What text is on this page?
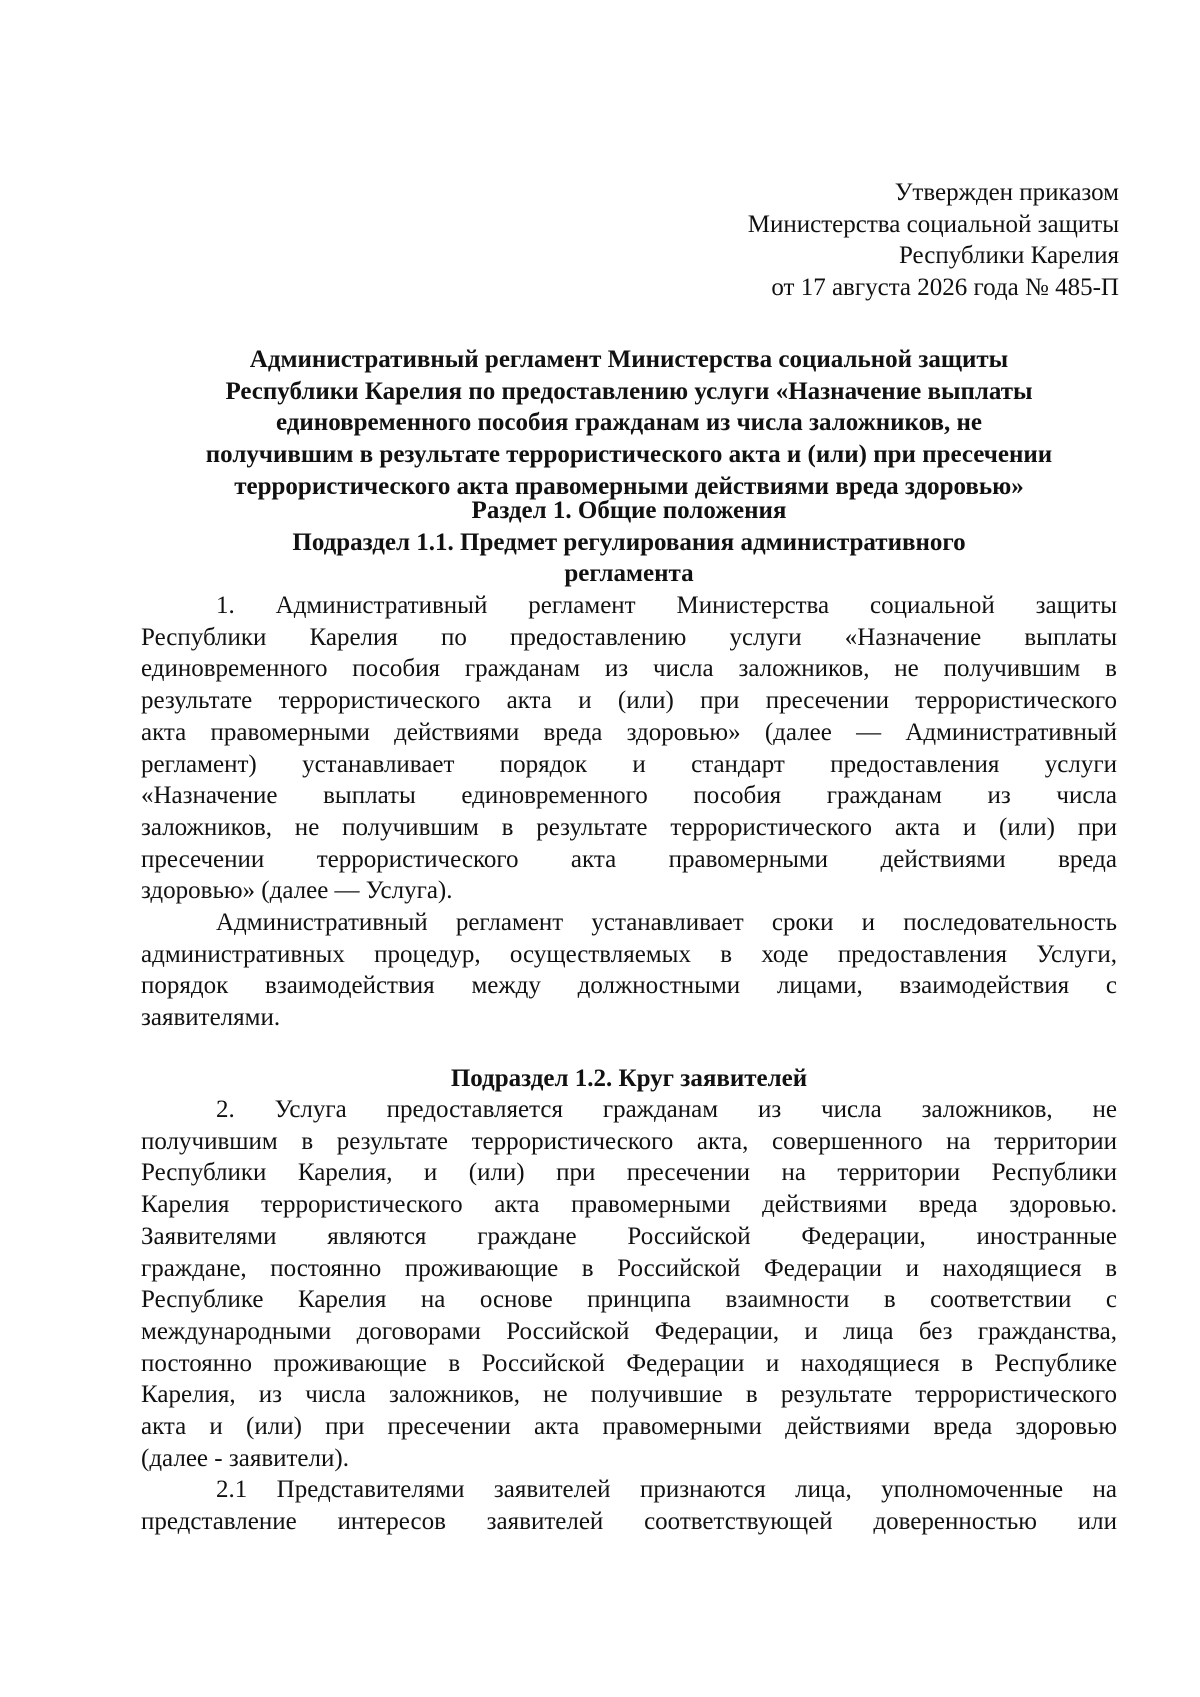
Утвержден приказом
Министерства социальной защиты
Республики Карелия
от 17 августа 2026 года № 485-П
Административный регламент Министерства социальной защиты
Республики Карелия по предоставлению услуги «Назначение выплаты
единовременного пособия гражданам из числа заложников, не
получившим в результате террористического акта и (или) при пресечении
террористического акта правомерными действиями вреда здоровью»
Раздел 1. Общие положения
Подраздел 1.1. Предмет регулирования административного
регламента
1. Административный регламент Министерства социальной защиты
Республики Карелия по предоставлению услуги «Назначение выплаты
единовременного пособия гражданам из числа заложников, не получившим в
результате террористического акта и (или) при пресечении террористического
акта правомерными действиями вреда здоровью» (далее — Административный
регламент) устанавливает порядок и стандарт предоставления услуги
«Назначение выплаты единовременного пособия гражданам из числа
заложников, не получившим в результате террористического акта и (или) при
пресечении террористического акта правомерными действиями вреда
здоровью» (далее — Услуга).
Административный регламент устанавливает сроки и последовательность
административных процедур, осуществляемых в ходе предоставления Услуги,
порядок взаимодействия между должностными лицами, взаимодействия с
заявителями.
Подраздел 1.2. Круг заявителей
2. Услуга предоставляется гражданам из числа заложников, не
получившим в результате террористического акта, совершенного на территории
Республики Карелия, и (или) при пресечении на территории Республики
Карелия террористического акта правомерными действиями вреда здоровью.
Заявителями являются граждане Российской Федерации, иностранные
граждане, постоянно проживающие в Российской Федерации и находящиеся в
Республике Карелия на основе принципа взаимности в соответствии с
международными договорами Российской Федерации, и лица без гражданства,
постоянно проживающие в Российской Федерации и находящиеся в Республике
Карелия, из числа заложников, не получившие в результате террористического
акта и (или) при пресечении акта правомерными действиями вреда здоровью
(далее - заявители).
2.1 Представителями заявителей признаются лица, уполномоченные на
представление интересов заявителей соответствующей доверенностью или
